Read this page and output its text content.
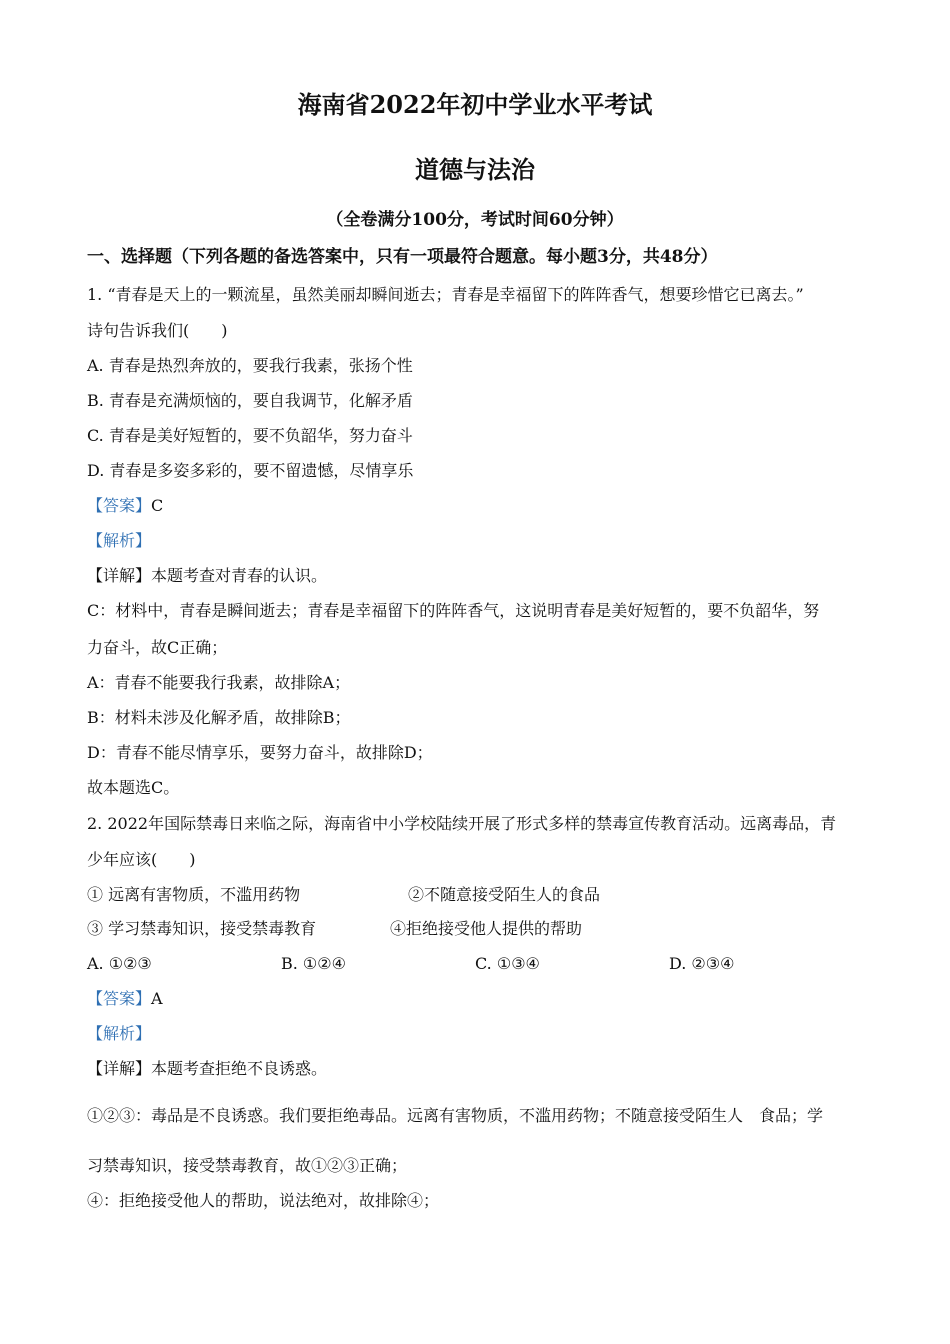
海南省2022年初中学业水平考试
道德与法治
（全卷满分100分，考试时间60分钟）
一、选择题（下列各题的备选答案中，只有一项最符合题意。每小题3分，共48分）
1. “青春是天上的一颗流星，虽然美丽却瞬间逝去；青春是幸福留下的阵阵香气，想要珍惜它已离去。”
诗句告诉我们(　　)
A. 青春是热烈奔放的，要我行我素，张扬个性
B. 青春是充满烦恼的，要自我调节，化解矛盾
C. 青春是美好短暂的，要不负韶华，努力奋斗
D. 青春是多姿多彩的，要不留遗憾，尽情享乐
【答案】C
【解析】
【详解】本题考查对青春的认识。
C：材料中，青春是瞬间逝去；青春是幸福留下的阵阵香气，这说明青春是美好短暂的，要不负韶华，努
力奋斗，故C正确；
A：青春不能要我行我素，故排除A；
B：材料未涉及化解矛盾，故排除B；
D：青春不能尽情享乐，要努力奋斗，故排除D；
故本题选C。
2. 2022年国际禁毒日来临之际，海南省中小学校陆续开展了形式多样的禁毒宣传教育活动。远离毒品，青
少年应该(　　)
① 远离有害物质，不滥用药物	②不随意接受陌生人的食品
③ 学习禁毒知识，接受禁毒教育	④拒绝接受他人提供的帮助
A. ①②③	B. ①②④	C. ①③④	D. ②③④
【答案】A
【解析】
【详解】本题考查拒绝不良诱惑。
①②③：毒品是不良诱惑。我们要拒绝毒品。远离有害物质，不滥用药物；不随意接受陌生人　食品；学
习禁毒知识，接受禁毒教育，故①②③正确；
④：拒绝接受他人的帮助，说法绝对，故排除④；
